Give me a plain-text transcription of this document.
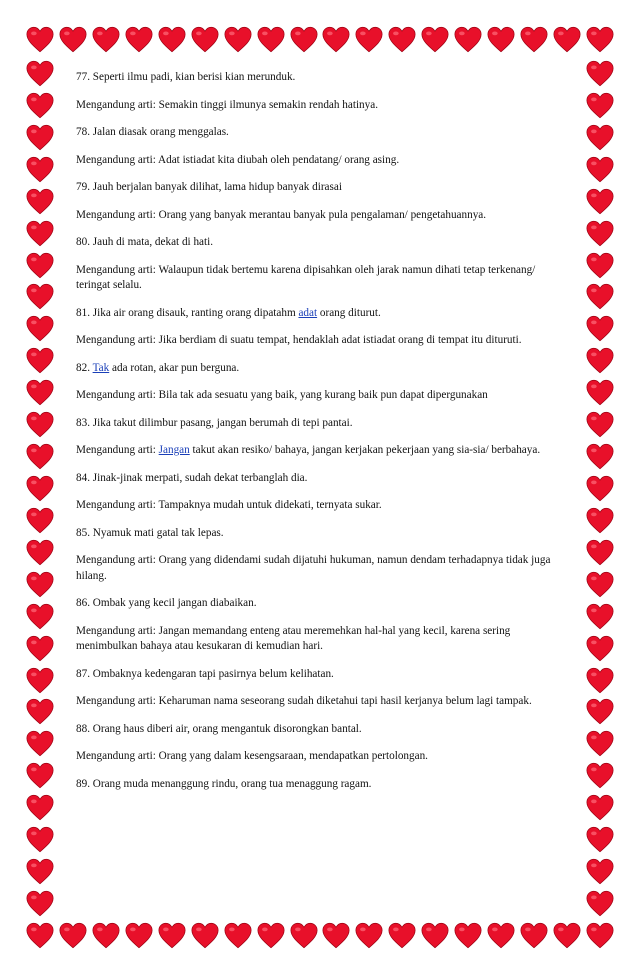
77. Seperti ilmu padi, kian berisi kian merunduk.

Mengandung arti: Semakin tinggi ilmunya semakin rendah hatinya.

78. Jalan diasak orang menggalas.

Mengandung arti: Adat istiadat kita diubah oleh pendatang/ orang asing.

79. Jauh berjalan banyak dilihat, lama hidup banyak dirasai

Mengandung arti: Orang yang banyak merantau banyak pula pengalaman/ pengetahuannya.

80. Jauh di mata, dekat di hati.

Mengandung arti: Walaupun tidak bertemu karena dipisahkan oleh jarak namun dihati tetap terkenang/ teringat selalu.

81. Jika air orang disauk, ranting orang dipatahm adat orang diturut.

Mengandung arti: Jika berdiam di suatu tempat, hendaklah adat istiadat orang di tempat itu dituruti.

82. Tak ada rotan, akar pun berguna.

Mengandung arti: Bila tak ada sesuatu yang baik, yang kurang baik pun dapat dipergunakan

83. Jika takut dilimbur pasang, jangan berumah di tepi pantai.

Mengandung arti: Jangan takut akan resiko/ bahaya, jangan kerjakan pekerjaan yang sia-sia/ berbahaya.

84. Jinak-jinak merpati, sudah dekat terbanglah dia.

Mengandung arti: Tampaknya mudah untuk didekati, ternyata sukar.

85. Nyamuk mati gatal tak lepas.

Mengandung arti: Orang yang didendami sudah dijatuhi hukuman, namun dendam terhadapnya tidak juga hilang.

86. Ombak yang kecil jangan diabaikan.

Mengandung arti: Jangan memandang enteng atau meremehkan hal-hal yang kecil, karena sering menimbulkan bahaya atau kesukaran di kemudian hari.

87. Ombaknya kedengaran tapi pasirnya belum kelihatan.

Mengandung arti: Keharuman nama seseorang sudah diketahui tapi hasil kerjanya belum lagi tampak.

88. Orang haus diberi air, orang mengantuk disorongkan bantal.

Mengandung arti: Orang yang dalam kesengsaraan, mendapatkan pertolongan.

89. Orang muda menanggung rindu, orang tua menaggung ragam.
